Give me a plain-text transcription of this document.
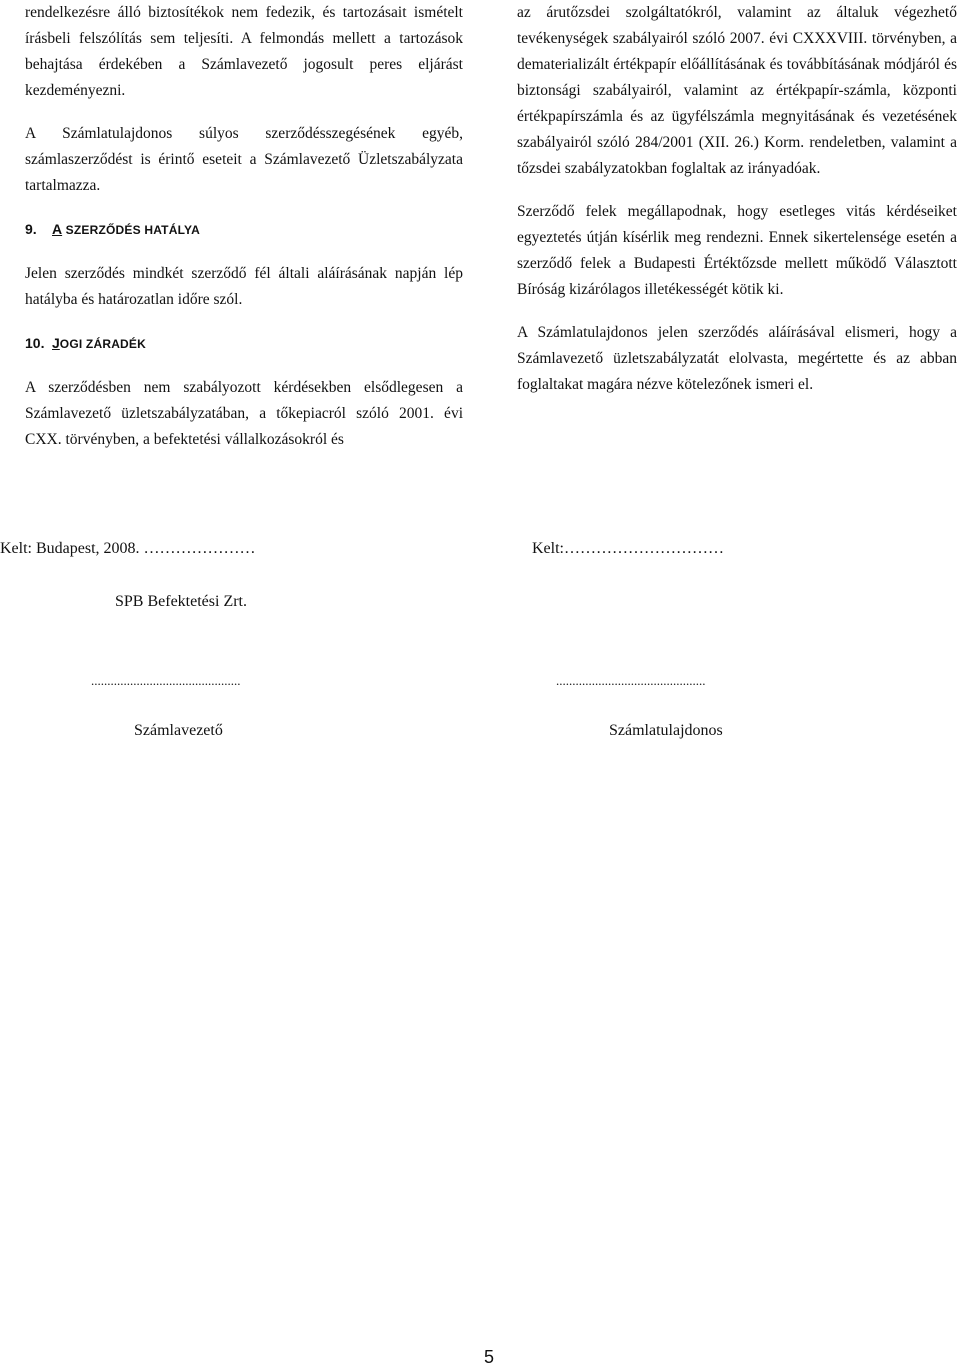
rendelkezésre álló biztosítékok nem fedezik, és tartozásait ismételt írásbeli felszólítás sem teljesíti. A felmondás mellett a tartozások behajtása érdekében a Számlavezető jogosult peres eljárást kezdeményezni.

A Számlatulajdonos súlyos szerződésszegésének egyéb, számlaszerződést is érintő eseteit a Számlavezető Üzletszabályzata tartalmazza.

9. A SZERZŐDÉS HATÁLYA

Jelen szerződés mindkét szerződő fél általi aláírásának napján lép hatályba és határozatlan időre szól.

10. JOGI ZÁRADÉK

A szerződésben nem szabályozott kérdésekben elsődlegesen a Számlavezető üzletszabályzatában, a tőkepiacról szóló 2001. évi CXX. törvényben, a befektetési vállalkozásokról és

az árutőzsdei szolgáltatókról, valamint az általuk végezhető tevékenységek szabályairól szóló 2007. évi CXXXVIII. törvényben, a dematerializált értékpapír előállításának és továbbításának módjáról és biztonsági szabályairól, valamint az értékpapír-számla, központi értékpapírszámla és az ügyfélszámla megnyitásának és vezetésének szabályairól szóló 284/2001 (XII. 26.) Korm. rendeletben, valamint a tőzsdei szabályzatokban foglaltak az irányadóak.

Szerződő felek megállapodnak, hogy esetleges vitás kérdéseiket egyeztetés útján kísérlik meg rendezni. Ennek sikertelensége esetén a szerződő felek a Budapesti Értéktőzsde mellett működő Választott Bíróság kizárólagos illetékességét kötik ki.

A Számlatulajdonos jelen szerződés aláírásával elismeri, hogy a Számlavezető üzletszabályzatát elolvasta, megértette és az abban foglaltakat magára nézve kötelezőnek ismeri el.

Kelt: Budapest, 2008. …………………	Kelt:…………………………
SPB Befektetési Zrt.
..............................................	..............................................
Számlavezető	Számlatulajdonos
5
